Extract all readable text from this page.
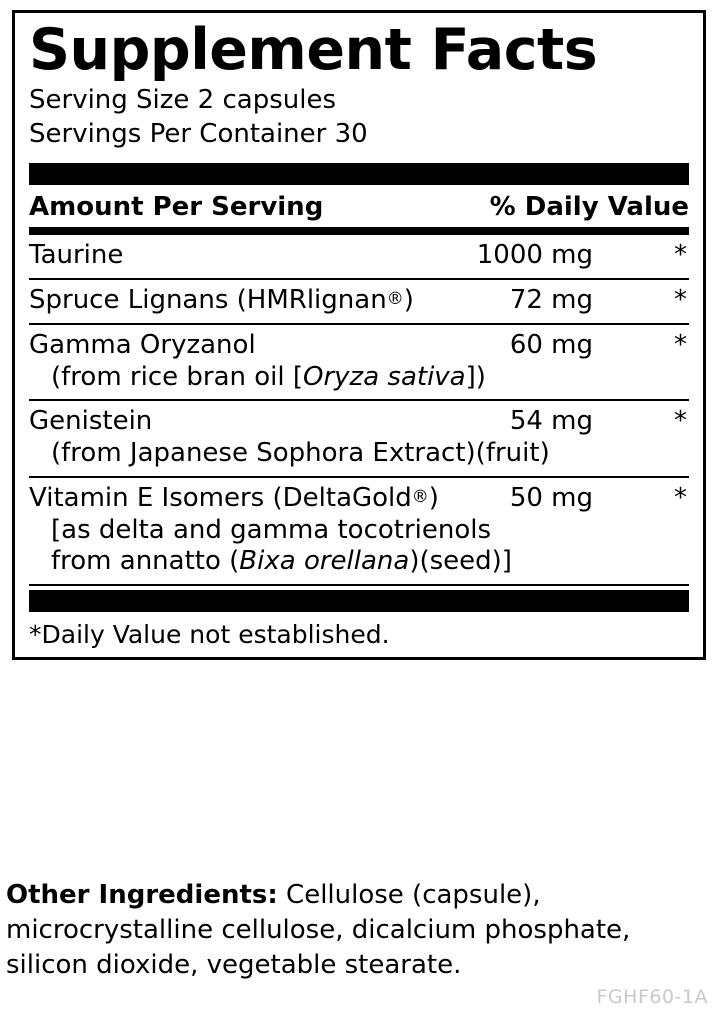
Supplement Facts
Serving Size 2 capsules
Servings Per Container 30
Amount Per Serving	% Daily Value
Taurine	1000 mg	*
Spruce Lignans (HMRlignan®)	72 mg	*
Gamma Oryzanol	60 mg	*
(from rice bran oil [Oryza sativa])
Genistein	54 mg	*
(from Japanese Sophora Extract)(fruit)
Vitamin E Isomers (DeltaGold®)	50 mg	*
[as delta and gamma tocotrienols
from annatto (Bixa orellana)(seed)]
*Daily Value not established.
Other Ingredients: Cellulose (capsule), microcrystalline cellulose, dicalcium phosphate, silicon dioxide, vegetable stearate.
FGHF60-1A
